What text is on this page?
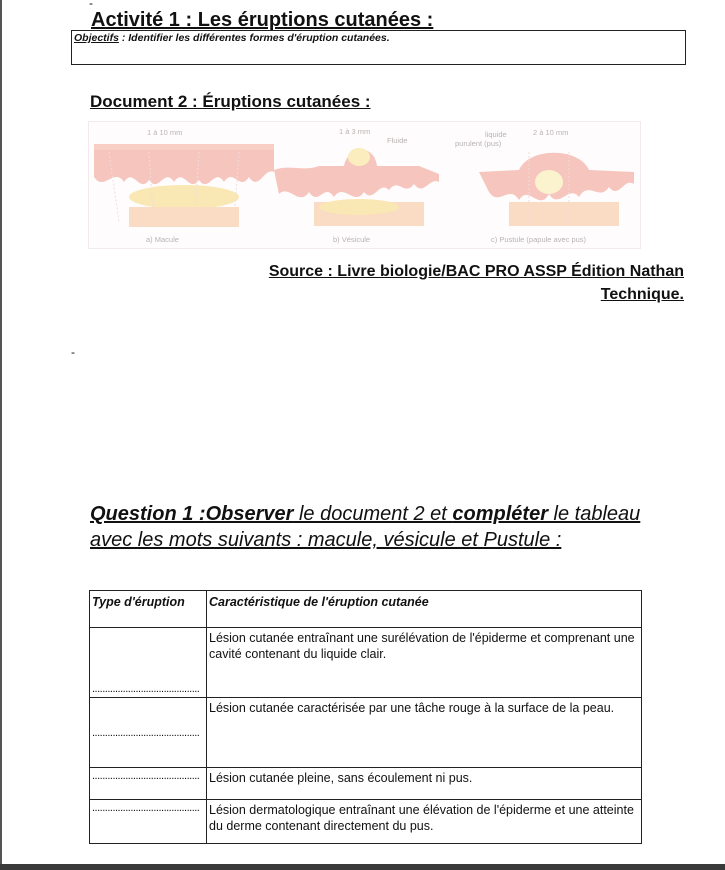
-
Activité 1 : Les éruptions cutanées :
Objectifs : Identifier les différentes formes d'éruption cutanées.
Document 2 : Éruptions cutanées :
1 à 10 mm	1 à 3 mm
Fluide
liquide
purulent (pus)
2 à 10 mm
a) Macule	b) Vésicule	c) Pustule (papule avec pus)
Source : Livre biologie/BAC PRO ASSP Édition Nathan
Technique.
-
Question 1 :Observer le document 2 et compléter le tableau avec les mots suivants : macule, vésicule et Pustule :
Type d'éruption	Caractéristique de l'éruption cutanée

..........................................	Lésion cutanée entraînant une surélévation de l'épiderme et comprenant une cavité contenant du liquide clair.

..........................................	Lésion cutanée caractérisée par une tâche rouge à la surface de la peau.

..........................................	Lésion cutanée pleine, sans écoulement ni pus.

..........................................	Lésion dermatologique entraînant une élévation de l'épiderme et une atteinte du derme contenant directement du pus.
